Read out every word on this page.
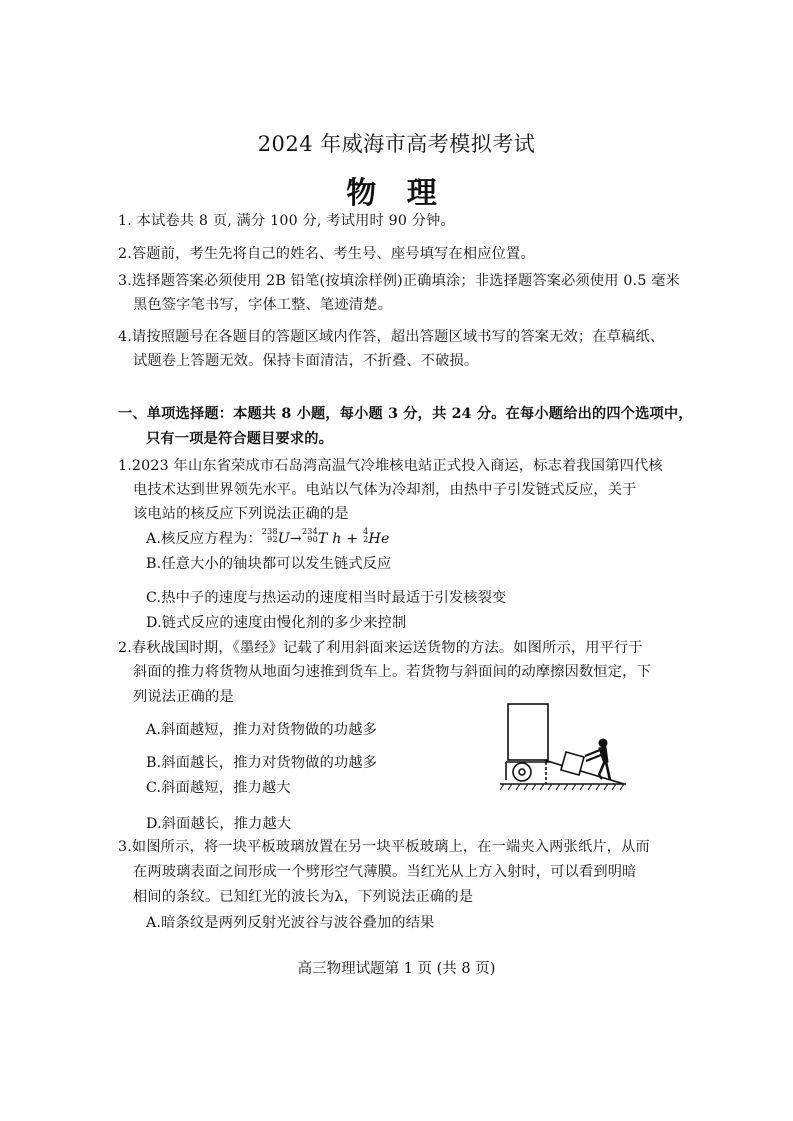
2024 年威海市高考模拟考试
物 理
1. 本试卷共 8 页, 满分 100 分, 考试用时 90 分钟。
2.答题前，考生先将自己的姓名、考生号、座号填写在相应位置。
3.选择题答案必须使用 2B 铅笔(按填涂样例)正确填涂；非选择题答案必须使用 0.5 毫米
黑色签字笔书写，字体工整、笔迹清楚。
4.请按照题号在各题目的答题区域内作答，超出答题区域书写的答案无效；在草稿纸、
试题卷上答题无效。保持卡面清洁，不折叠、不破损。
一、单项选择题：本题共 8 小题，每小题 3 分，共 24 分。在每小题给出的四个选项中，
只有一项是符合题目要求的。
1.2023 年山东省荣成市石岛湾高温气冷堆核电站正式投入商运，标志着我国第四代核
电技术达到世界领先水平。电站以气体为冷却剂，由热中子引发链式反应，关于
该电站的核反应下列说法正确的是
A.核反应方程为：238
92U→234
90T h + 4
2He
B.任意大小的铀块都可以发生链式反应
C.热中子的速度与热运动的速度相当时最适于引发核裂变
D.链式反应的速度由慢化剂的多少来控制
2.春秋战国时期，《墨经》记载了利用斜面来运送货物的方法。如图所示，用平行于
斜面的推力将货物从地面匀速推到货车上。若货物与斜面间的动摩擦因数恒定，下
列说法正确的是
A.斜面越短，推力对货物做的功越多
B.斜面越长，推力对货物做的功越多
C.斜面越短，推力越大
D.斜面越长，推力越大
3.如图所示，将一块平板玻璃放置在另一块平板玻璃上，在一端夹入两张纸片，从而
在两玻璃表面之间形成一个劈形空气薄膜。当红光从上方入射时，可以看到明暗
相间的条纹。已知红光的波长为λ，下列说法正确的是
A.暗条纹是两列反射光波谷与波谷叠加的结果
高三物理试题第 1 页 (共 8 页)
